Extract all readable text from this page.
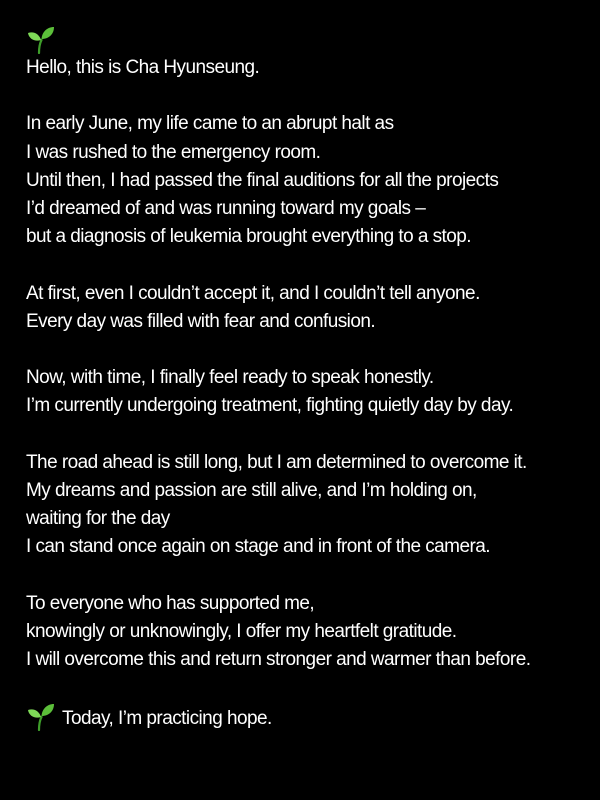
Hello, this is Cha Hyunseung.
In early June, my life came to an abrupt halt as
I was rushed to the emergency room.
Until then, I had passed the final auditions for all the projects
I’d dreamed of and was running toward my goals –
but a diagnosis of leukemia brought everything to a stop.
At first, even I couldn’t accept it, and I couldn’t tell anyone.
Every day was filled with fear and confusion.
Now, with time, I finally feel ready to speak honestly.
I’m currently undergoing treatment, fighting quietly day by day.
The road ahead is still long, but I am determined to overcome it.
My dreams and passion are still alive, and I’m holding on,
waiting for the day
I can stand once again on stage and in front of the camera.
To everyone who has supported me,
knowingly or unknowingly, I offer my heartfelt gratitude.
I will overcome this and return stronger and warmer than before.
Today, I’m practicing hope.
